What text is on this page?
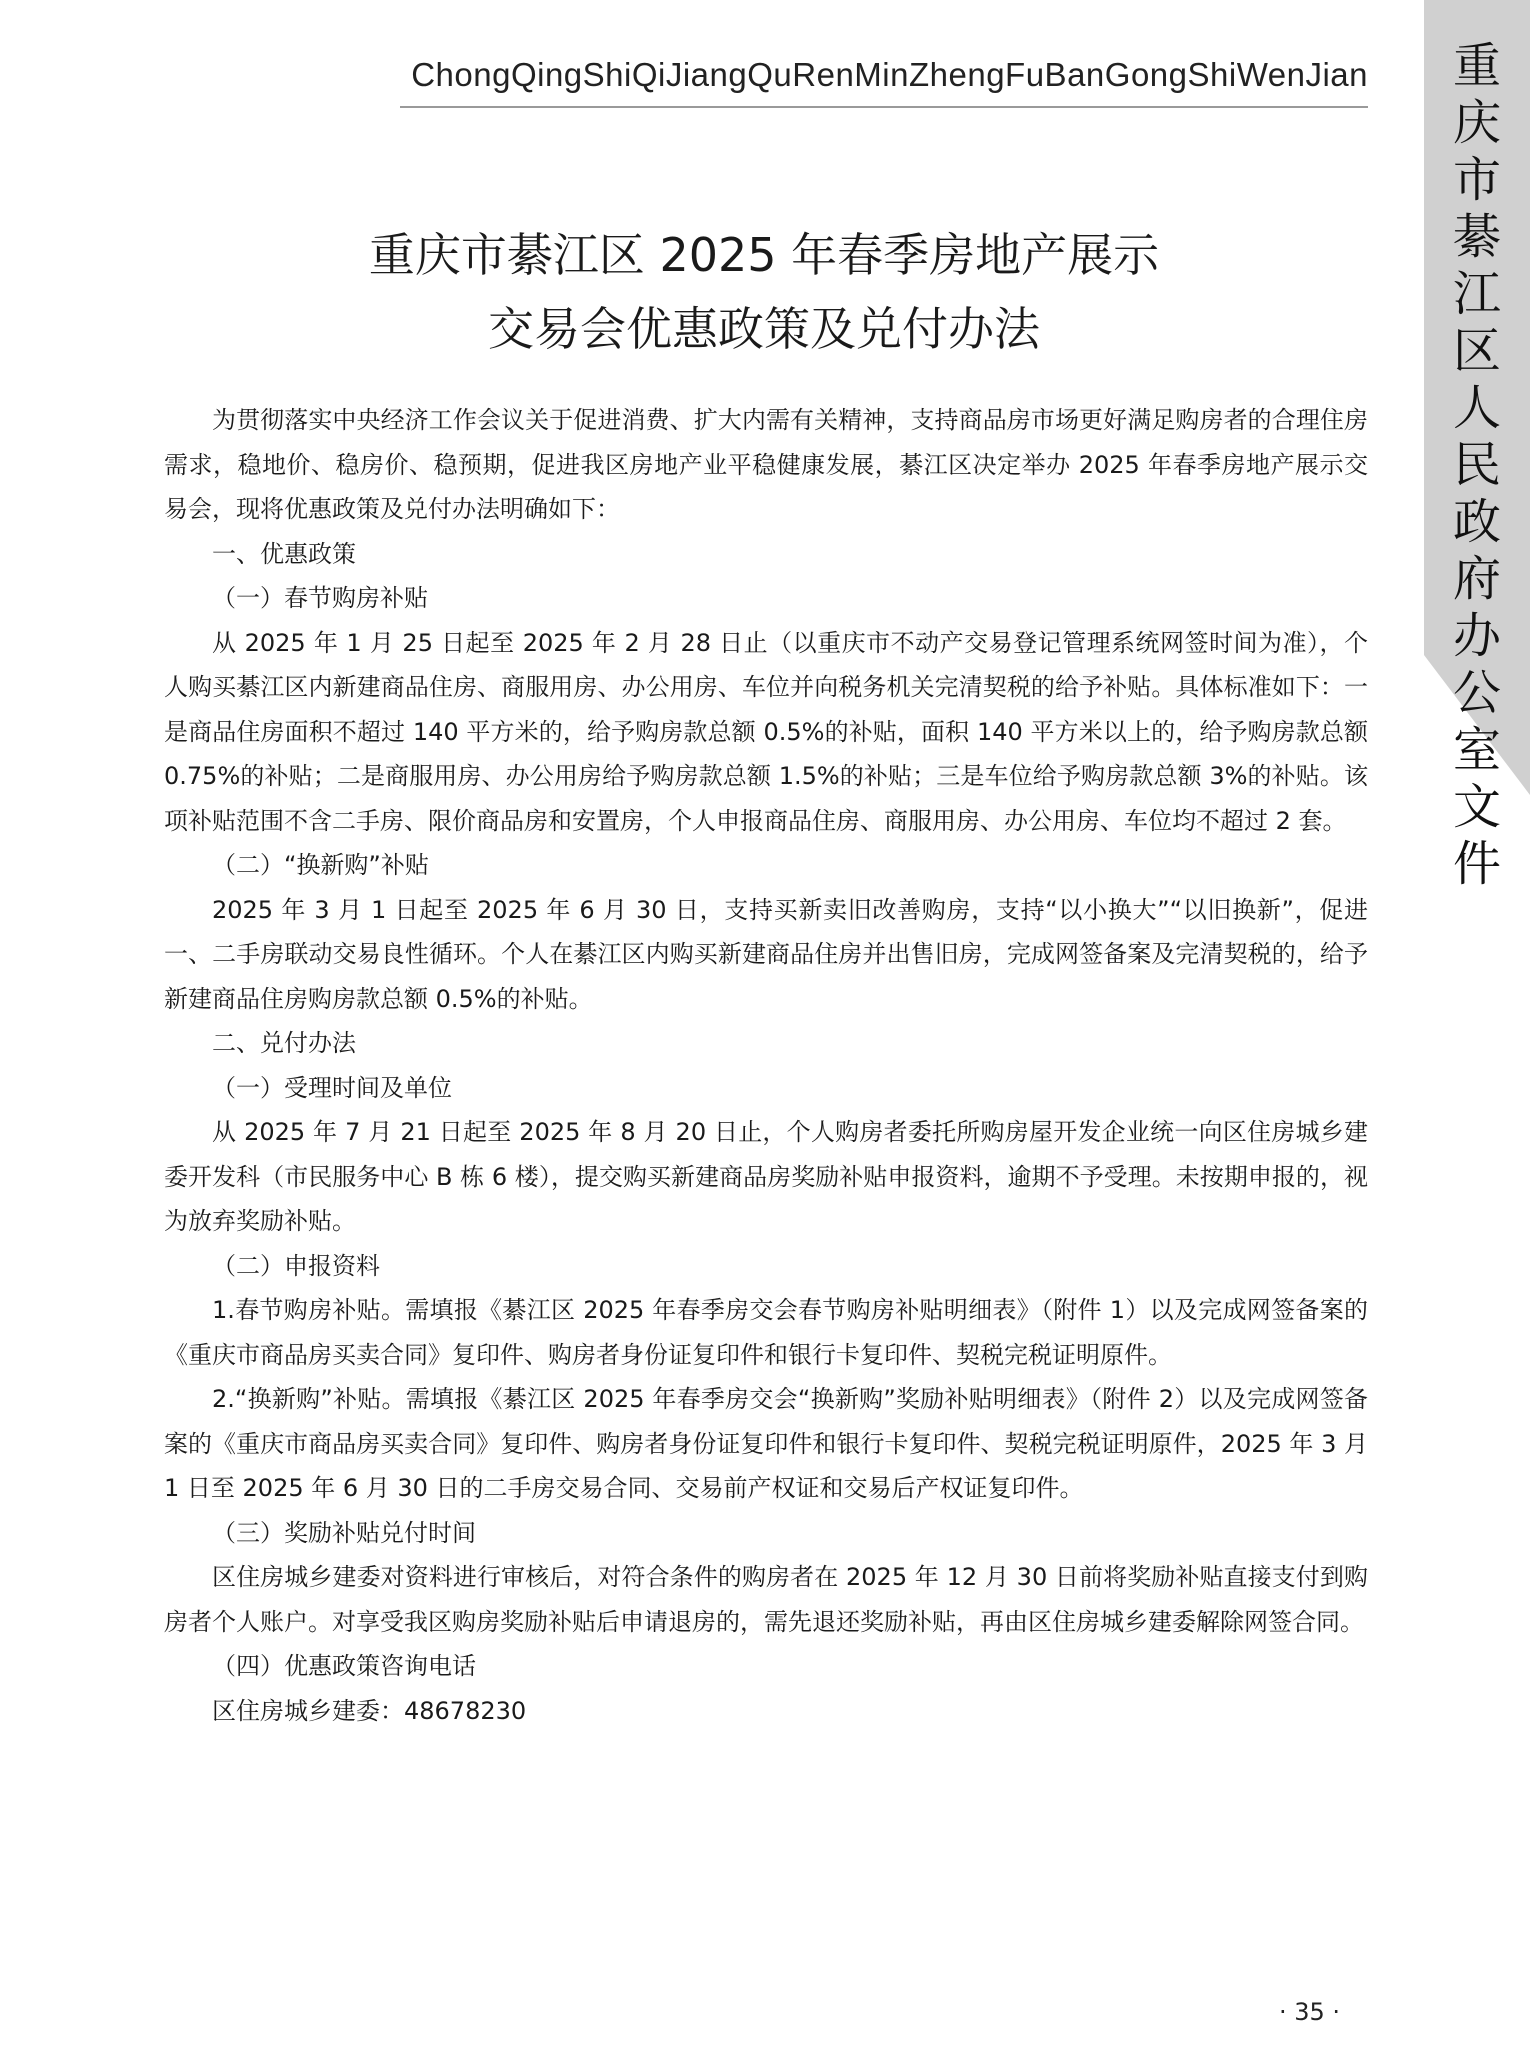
ChongQingShiQiJiangQuRenMinZhengFuBanGongShiWenJian	重
庆
市
綦
江
区
人
民
政
府
办
公
室
文
件
重庆市綦江区 2025 年春季房地产展示
交易会优惠政策及兑付办法

为贯彻落实中央经济工作会议关于促进消费、扩大内需有关精神，支持商品房市场更好满足购房者的合理住房需求，稳地价、稳房价、稳预期，促进我区房地产业平稳健康发展，綦江区决定举办 2025 年春季房地产展示交易会，现将优惠政策及兑付办法明确如下：

一、优惠政策

（一）春节购房补贴

从 2025 年 1 月 25 日起至 2025 年 2 月 28 日止（以重庆市不动产交易登记管理系统网签时间为准），个人购买綦江区内新建商品住房、商服用房、办公用房、车位并向税务机关完清契税的给予补贴。具体标准如下：一是商品住房面积不超过 140 平方米的，给予购房款总额 0.5%的补贴，面积 140 平方米以上的，给予购房款总额 0.75%的补贴；二是商服用房、办公用房给予购房款总额 1.5%的补贴；三是车位给予购房款总额 3%的补贴。该项补贴范围不含二手房、限价商品房和安置房，个人申报商品住房、商服用房、办公用房、车位均不超过 2 套。

（二）“换新购”补贴

2025 年 3 月 1 日起至 2025 年 6 月 30 日，支持买新卖旧改善购房，支持“以小换大”“以旧换新”，促进一、二手房联动交易良性循环。个人在綦江区内购买新建商品住房并出售旧房，完成网签备案及完清契税的，给予新建商品住房购房款总额 0.5%的补贴。

二、兑付办法

（一）受理时间及单位

从 2025 年 7 月 21 日起至 2025 年 8 月 20 日止，个人购房者委托所购房屋开发企业统一向区住房城乡建委开发科（市民服务中心 B 栋 6 楼），提交购买新建商品房奖励补贴申报资料，逾期不予受理。未按期申报的，视为放弃奖励补贴。

（二）申报资料

1.春节购房补贴。需填报《綦江区 2025 年春季房交会春节购房补贴明细表》（附件 1）以及完成网签备案的《重庆市商品房买卖合同》复印件、购房者身份证复印件和银行卡复印件、契税完税证明原件。

2.“换新购”补贴。需填报《綦江区 2025 年春季房交会“换新购”奖励补贴明细表》（附件 2）以及完成网签备案的《重庆市商品房买卖合同》复印件、购房者身份证复印件和银行卡复印件、契税完税证明原件，2025 年 3 月 1 日至 2025 年 6 月 30 日的二手房交易合同、交易前产权证和交易后产权证复印件。

（三）奖励补贴兑付时间

区住房城乡建委对资料进行审核后，对符合条件的购房者在 2025 年 12 月 30 日前将奖励补贴直接支付到购房者个人账户。对享受我区购房奖励补贴后申请退房的，需先退还奖励补贴，再由区住房城乡建委解除网签合同。

（四）优惠政策咨询电话

区住房城乡建委：48678230

· 35 ·
